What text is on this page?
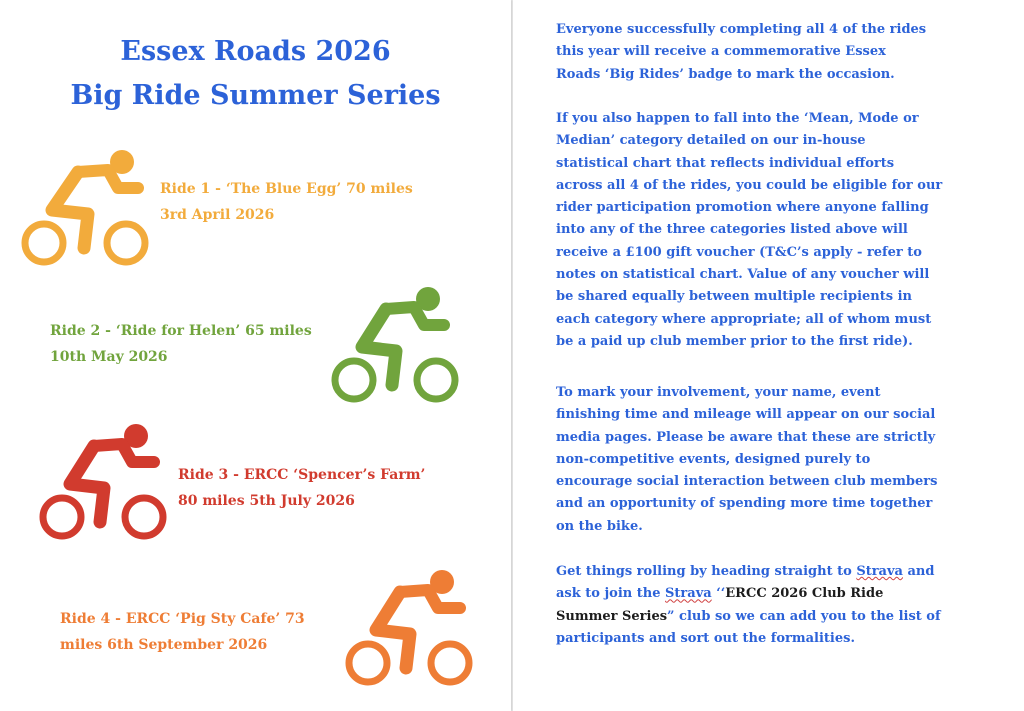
Essex Roads 2026
Big Ride Summer Series
Ride 1 - ‘The Blue Egg’ 70 miles
3rd April 2026
Ride 2 - ‘Ride for Helen’ 65 miles
10th May 2026
Ride 3 - ERCC ‘Spencer’s Farm’
80 miles 5th July 2026
Ride 4 - ERCC ‘Pig Sty Cafe’ 73
miles 6th September 2026

Everyone successfully completing all 4 of the rides

this year will receive a commemorative Essex

Roads ‘Big Rides’ badge to mark the occasion.

If you also happen to fall into the ‘Mean, Mode or

Median’ category detailed on our in-house

statistical chart that reflects individual efforts

across all 4 of the rides, you could be eligible for our

rider participation promotion where anyone falling

into any of the three categories listed above will

receive a £100 gift voucher (T&C’s apply - refer to

notes on statistical chart. Value of any voucher will

be shared equally between multiple recipients in

each category where appropriate; all of whom must

be a paid up club member prior to the first ride).

To mark your involvement, your name, event

finishing time and mileage will appear on our social

media pages. Please be aware that these are strictly

non-competitive events, designed purely to

encourage social interaction between club members

and an opportunity of spending more time together

on the bike.

Get things rolling by heading straight to Strava and

ask to join the Strava ‘‘ERCC 2026 Club Ride

Summer Series” club so we can add you to the list of

participants and sort out the formalities.
